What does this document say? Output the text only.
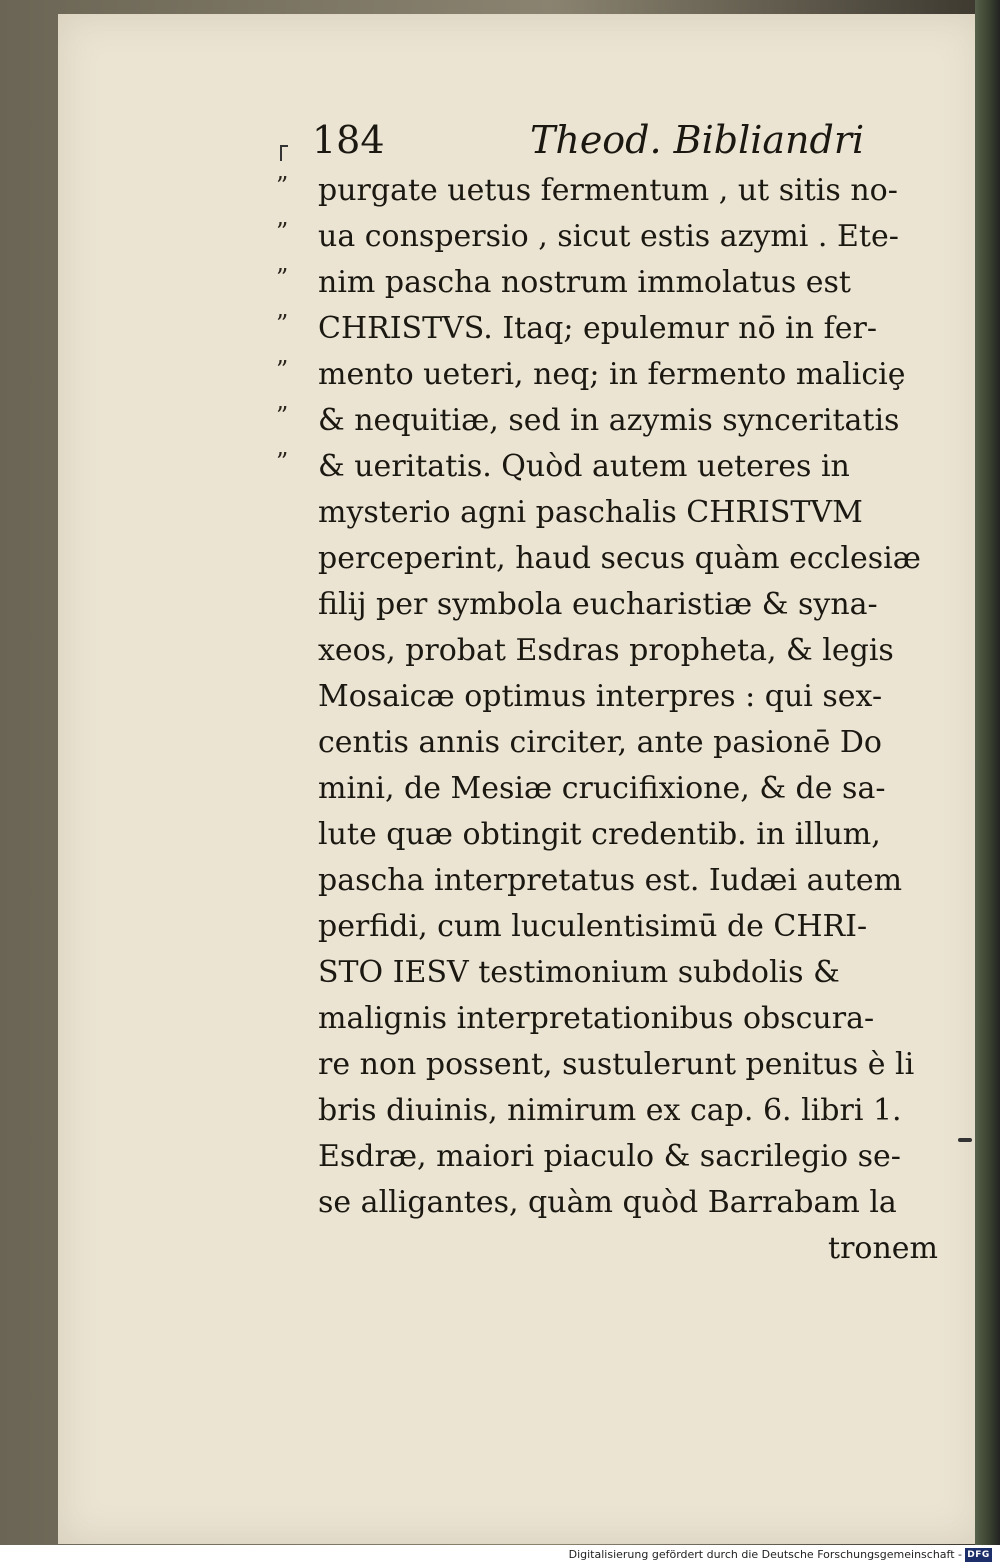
184	Theod. Bibliandri
” purgate uetus fermentum , ut sitis no-
” ua conspersio , sicut estis azymi . Ete-
” nim pascha nostrum immolatus est
” CHRISTVS. Itaq; epulemur nō in fer-
” mento ueteri, neq; in fermento maliciȩ
” & nequitiæ, sed in azymis synceritatis
” & ueritatis. Quòd autem ueteres in
mysterio agni paschalis CHRISTVM
perceperint, haud secus quàm ecclesiæ
filij per symbola eucharistiæ & syna-
xeos, probat Esdras propheta, & legis
Mosaicæ optimus interpres : qui sex-
centis annis circiter, ante pasionē Do
mini, de Mesiæ crucifixione, & de sa-
lute quæ obtingit credentib. in illum,
pascha interpretatus est. Iudæi autem
perfidi, cum luculentisimū de CHRI-
STO IESV testimonium subdolis &
malignis interpretationibus obscura-
re non possent, sustulerunt penitus è li
bris diuinis, nimirum ex cap. 6. libri 1.
Esdræ, maiori piaculo & sacrilegio se-
se alligantes, quàm quòd Barrabam la
tronem
Digitalisierung gefördert durch die Deutsche Forschungsgemeinschaft - DFG
